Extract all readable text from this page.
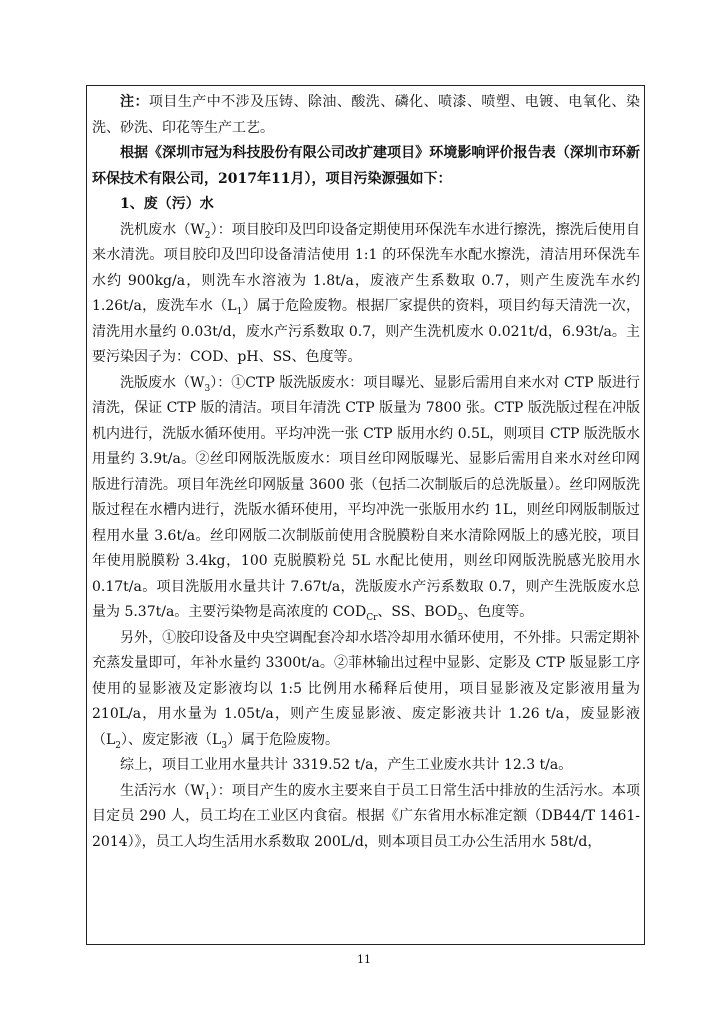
注：项目生产中不涉及压铸、除油、酸洗、磷化、喷漆、喷塑、电镀、电氧化、染洗、砂洗、印花等生产工艺。

根据《深圳市冠为科技股份有限公司改扩建项目》环境影响评价报告表（深圳市环新环保技术有限公司，2017年11月），项目污染源强如下：

1、废（污）水

洗机废水$(W_2)$：项目胶印及凹印设备定期使用环保洗车水进行擦洗，擦洗后使用自来水清洗。项目胶印及凹印设备清洁使用 1:1 的环保洗车水配水擦洗，清洁用环保洗车水约 900kg/a，则洗车水溶液为 1.8t/a，废液产生系数取 0.7，则产生废洗车水约 1.26t/a，废洗车水$(L_1)$属于危险废物。根据厂家提供的资料，项目约每天清洗一次，清洗用水量约 0.03t/d，废水产污系数取 0.7，则产生洗机废水 0.021t/d，6.93t/a。主要污染因子为：COD、pH、SS、色度等。

洗版废水$(W_3)$：①CTP 版洗版废水：项目曝光、显影后需用自来水对 CTP 版进行清洗，保证 CTP 版的清洁。项目年清洗 CTP 版量为 7800 张。CTP 版洗版过程在冲版机内进行，洗版水循环使用。平均冲洗一张 CTP 版用水约 0.5L，则项目 CTP 版洗版水用量约 3.9t/a。②丝印网版洗版废水：项目丝印网版曝光、显影后需用自来水对丝印网版进行清洗。项目年洗丝印网版量 3600 张（包括二次制版后的总洗版量）。丝印网版洗版过程在水槽内进行，洗版水循环使用，平均冲洗一张版用水约 1L，则丝印网版制版过程用水量 3.6t/a。丝印网版二次制版前使用含脱膜粉自来水清除网版上的感光胶，项目年使用脱膜粉 3.4kg，100 克脱膜粉兑 5L 水配比使用，则丝印网版洗脱感光胶用水 0.17t/a。项目洗版用水量共计 7.67t/a，洗版废水产污系数取 0.7，则产生洗版废水总量为 5.37t/a。主要污染物是高浓度的 $COD_{Cr}$、SS、$BOD_5$、色度等。

另外，①胶印设备及中央空调配套冷却水塔冷却用水循环使用，不外排。只需定期补充蒸发量即可，年补水量约 3300t/a。②菲林输出过程中显影、定影及 CTP 版显影工序使用的显影液及定影液均以 1:5 比例用水稀释后使用，项目显影液及定影液用量为 210L/a，用水量为 1.05t/a，则产生废显影液、废定影液共计 1.26 t/a，废显影液$(L_2)$、废定影液$(L_3)$属于危险废物。

综上，项目工业用水量共计 3319.52 t/a，产生工业废水共计 12.3 t/a。

生活污水$(W_1)$：项目产生的废水主要来自于员工日常生活中排放的生活污水。本项目定员 290 人，员工均在工业区内食宿。根据《广东省用水标准定额（DB44/T 1461-2014）》，员工人均生活用水系数取 200L/d，则本项目员工办公生活用水 58t/d，

11
